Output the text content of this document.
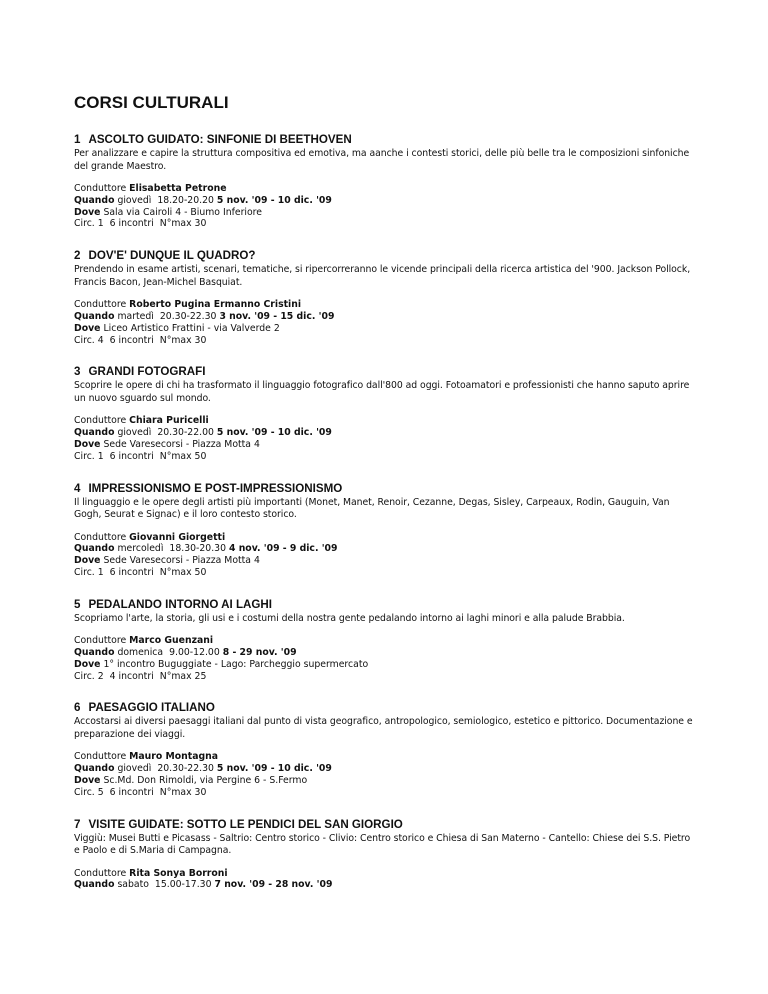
CORSI CULTURALI
1 ASCOLTO GUIDATO: SINFONIE DI BEETHOVEN
Per analizzare e capire la struttura compositiva ed emotiva, ma aanche i contesti storici, delle più belle tra le composizioni sinfoniche del grande Maestro.
Conduttore Elisabetta Petrone
Quando giovedì 18.20-20.20 5 nov. '09 - 10 dic. '09
Dove Sala via Cairoli 4 - Biumo Inferiore
Circ. 1 6 incontri N°max 30
2 DOV'E' DUNQUE IL QUADRO?
Prendendo in esame artisti, scenari, tematiche, si ripercorreranno le vicende principali della ricerca artistica del '900. Jackson Pollock, Francis Bacon, Jean-Michel Basquiat.
Conduttore Roberto Pugina Ermanno Cristini
Quando martedì 20.30-22.30 3 nov. '09 - 15 dic. '09
Dove Liceo Artistico Frattini - via Valverde 2
Circ. 4 6 incontri N°max 30
3 GRANDI FOTOGRAFI
Scoprire le opere di chi ha trasformato il linguaggio fotografico dall'800 ad oggi. Fotoamatori e professionisti che hanno saputo aprire un nuovo sguardo sul mondo.
Conduttore Chiara Puricelli
Quando giovedì 20.30-22.00 5 nov. '09 - 10 dic. '09
Dove Sede Varesecorsi - Piazza Motta 4
Circ. 1 6 incontri N°max 50
4 IMPRESSIONISMO E POST-IMPRESSIONISMO
Il linguaggio e le opere degli artisti più importanti (Monet, Manet, Renoir, Cezanne, Degas, Sisley, Carpeaux, Rodin, Gauguin, Van Gogh, Seurat e Signac) e il loro contesto storico.
Conduttore Giovanni Giorgetti
Quando mercoledì 18.30-20.30 4 nov. '09 - 9 dic. '09
Dove Sede Varesecorsi - Piazza Motta 4
Circ. 1 6 incontri N°max 50
5 PEDALANDO INTORNO AI LAGHI
Scopriamo l'arte, la storia, gli usi e i costumi della nostra gente pedalando intorno ai laghi minori e alla palude Brabbia.
Conduttore Marco Guenzani
Quando domenica 9.00-12.00 8 - 29 nov. '09
Dove 1° incontro Buguggiate - Lago: Parcheggio supermercato
Circ. 2 4 incontri N°max 25
6 PAESAGGIO ITALIANO
Accostarsi ai diversi paesaggi italiani dal punto di vista geografico, antropologico, semiologico, estetico e pittorico. Documentazione e preparazione dei viaggi.
Conduttore Mauro Montagna
Quando giovedì 20.30-22.30 5 nov. '09 - 10 dic. '09
Dove Sc.Md. Don Rimoldi, via Pergine 6 - S.Fermo
Circ. 5 6 incontri N°max 30
7 VISITE GUIDATE: SOTTO LE PENDICI DEL SAN GIORGIO
Viggiù: Musei Butti e Picasass - Saltrio: Centro storico - Clivio: Centro storico e Chiesa di San Materno - Cantello: Chiese dei S.S. Pietro e Paolo e di S.Maria di Campagna.
Conduttore Rita Sonya Borroni
Quando sabato 15.00-17.30 7 nov. '09 - 28 nov. '09
